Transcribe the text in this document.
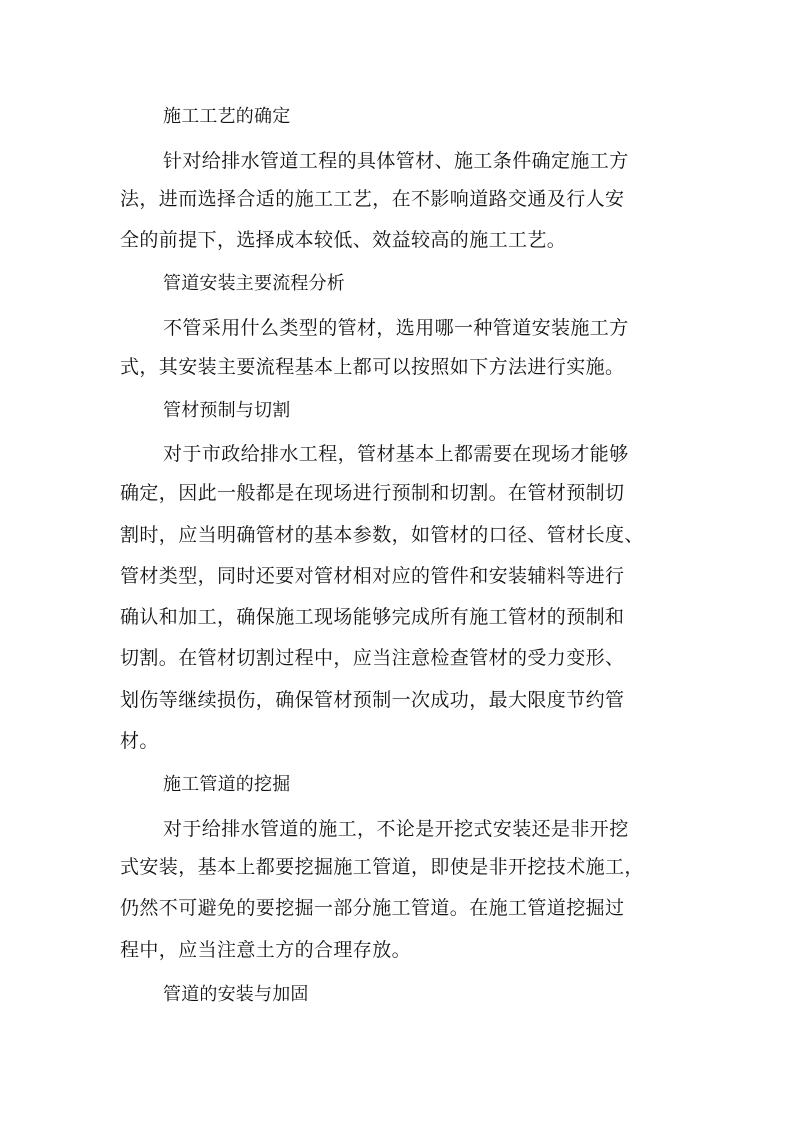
施工工艺的确定
针对给排水管道工程的具体管材、施工条件确定施工方
法，进而选择合适的施工工艺，在不影响道路交通及行人安
全的前提下，选择成本较低、效益较高的施工工艺。
管道安装主要流程分析
不管采用什么类型的管材，选用哪一种管道安装施工方
式，其安装主要流程基本上都可以按照如下方法进行实施。
管材预制与切割
对于市政给排水工程，管材基本上都需要在现场才能够
确定，因此一般都是在现场进行预制和切割。在管材预制切
割时，应当明确管材的基本参数，如管材的口径、管材长度、
管材类型，同时还要对管材相对应的管件和安装辅料等进行
确认和加工，确保施工现场能够完成所有施工管材的预制和
切割。在管材切割过程中，应当注意检查管材的受力变形、
划伤等继续损伤，确保管材预制一次成功，最大限度节约管
材。
施工管道的挖掘
对于给排水管道的施工，不论是开挖式安装还是非开挖
式安装，基本上都要挖掘施工管道，即使是非开挖技术施工，
仍然不可避免的要挖掘一部分施工管道。在施工管道挖掘过
程中，应当注意土方的合理存放。
管道的安装与加固
